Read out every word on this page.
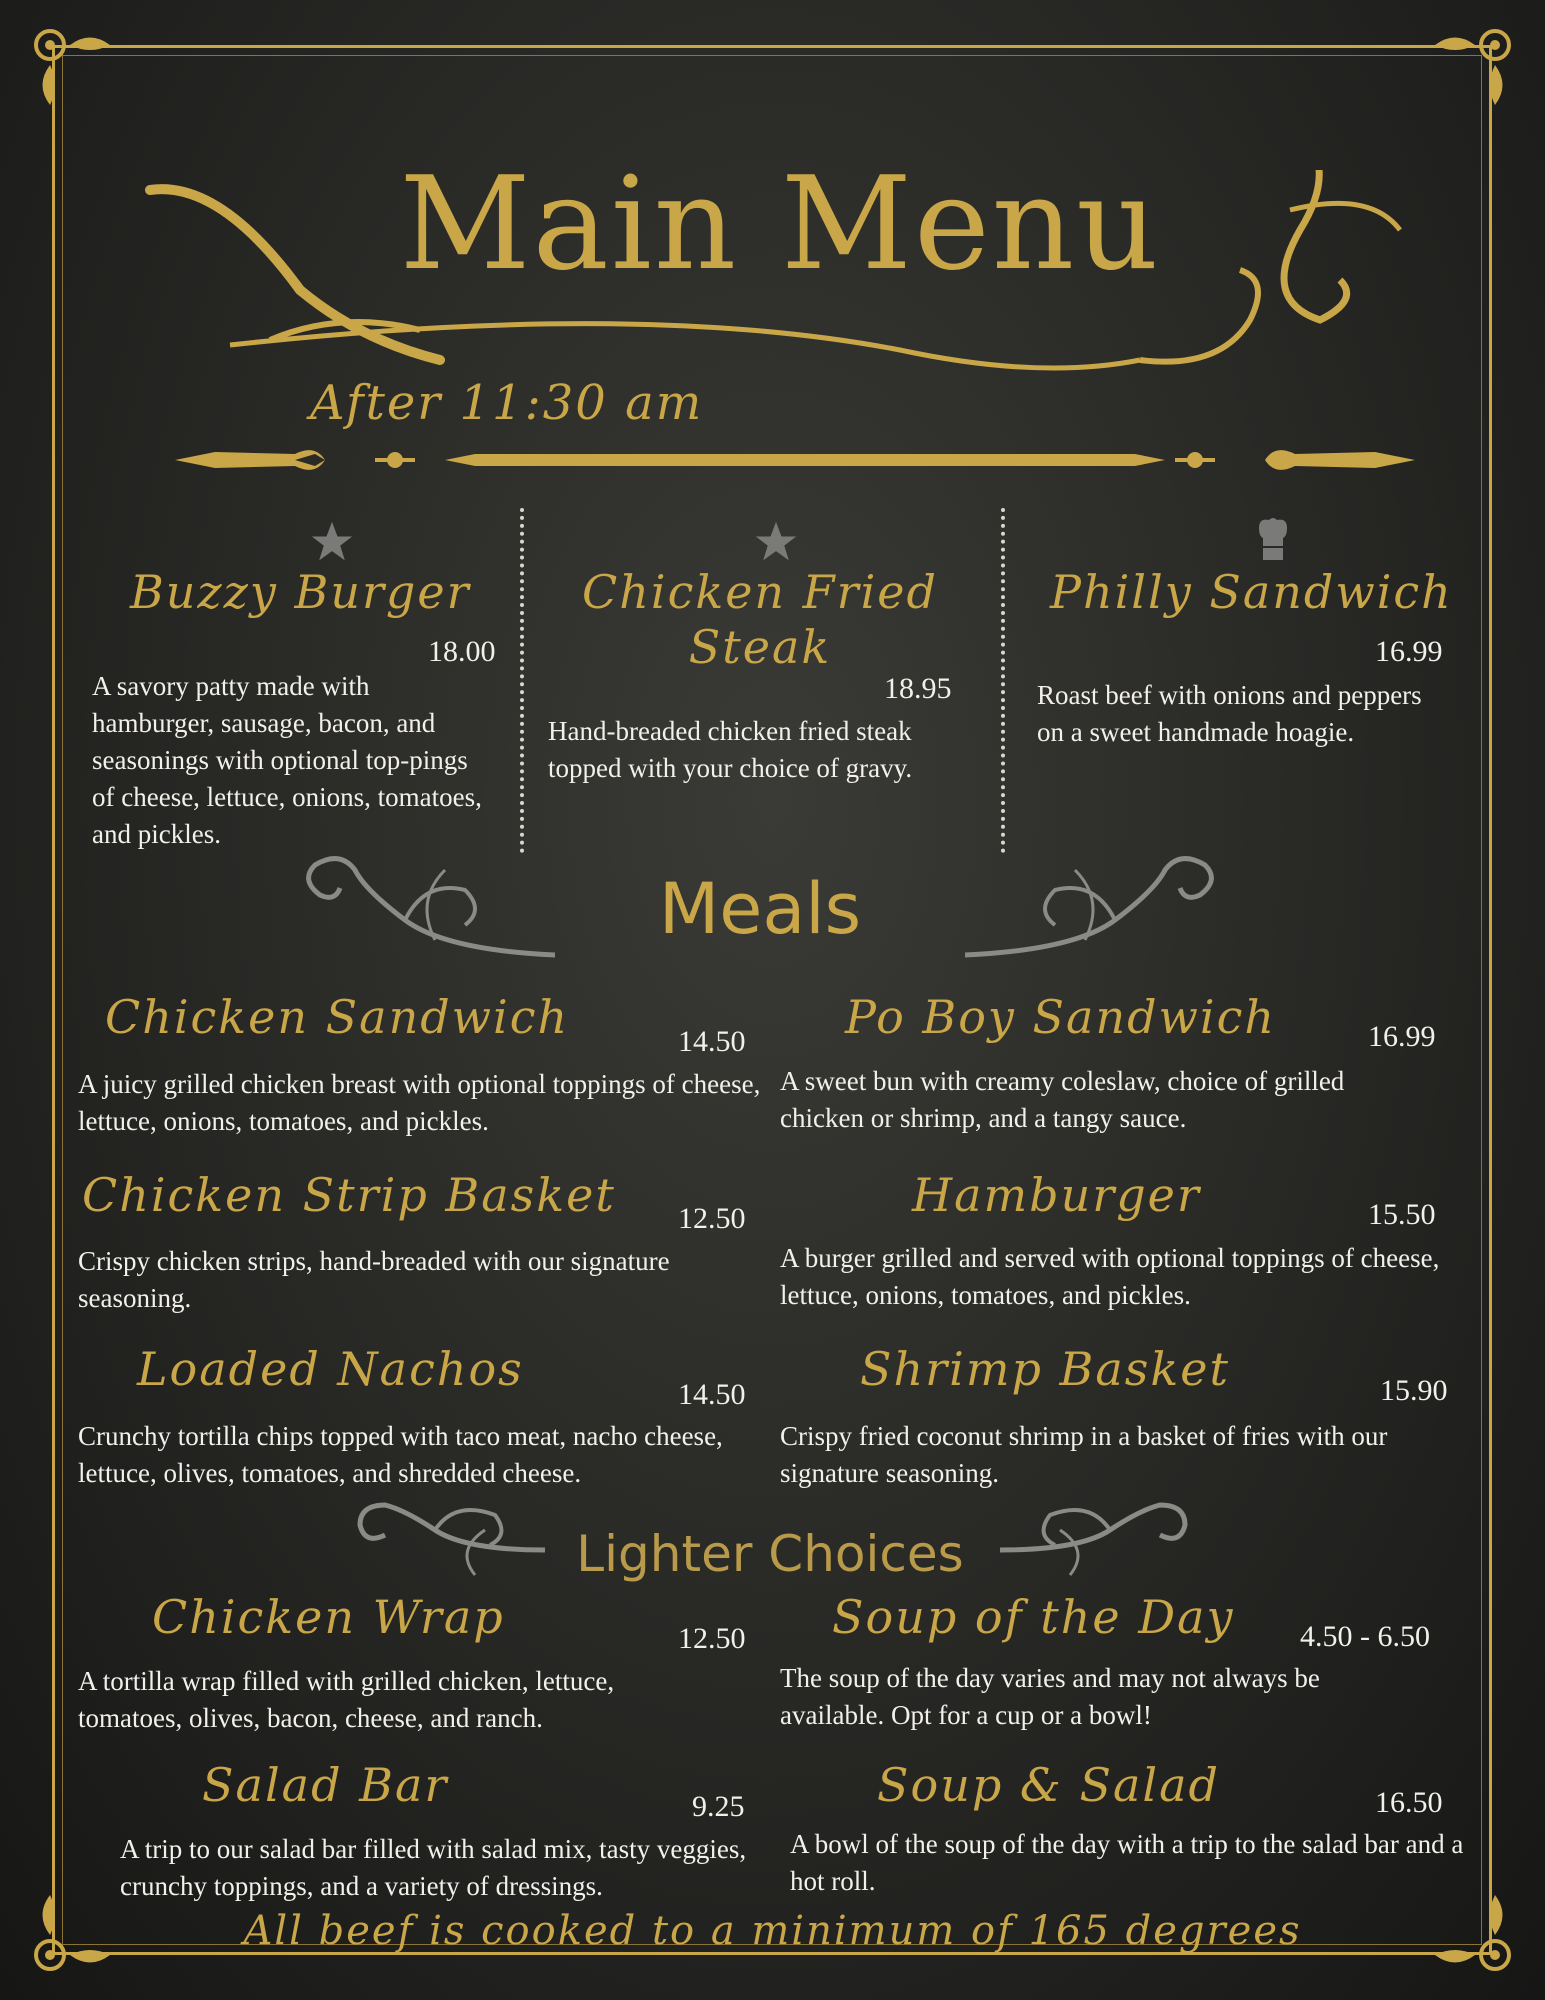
Main Menu
After 11:30 am
Buzzy Burger
18.00
A savory patty made with hamburger, sausage, bacon, and seasonings with optional top-pings of cheese, lettuce, onions, tomatoes, and pickles.
Chicken Fried
Steak
18.95
Hand-breaded chicken fried steak topped with your choice of gravy.
Philly Sandwich
16.99
Roast beef with onions and peppers on a sweet handmade hoagie.
Meals
Chicken Sandwich	14.50
A juicy grilled chicken breast with optional toppings of cheese, lettuce, onions, tomatoes, and pickles.
Po Boy Sandwich	16.99
A sweet bun with creamy coleslaw, choice of grilled chicken or shrimp, and a tangy sauce.
Chicken Strip Basket 12.50
Crispy chicken strips, hand-breaded with our signature seasoning.
Hamburger	15.50
A burger grilled and served with optional toppings of cheese, lettuce, onions, tomatoes, and pickles.
Loaded Nachos	14.50
Crunchy tortilla chips topped with taco meat, nacho cheese, lettuce, olives, tomatoes, and shredded cheese.
Shrimp Basket	15.90
Crispy fried coconut shrimp in a basket of fries with our signature seasoning.
Lighter Choices
Chicken Wrap	12.50
A tortilla wrap filled with grilled chicken, lettuce, tomatoes, olives, bacon, cheese, and ranch.
Soup of the Day 4.50 - 6.50
The soup of the day varies and may not always be available. Opt for a cup or a bowl!
Salad Bar	9.25
A trip to our salad bar filled with salad mix, tasty veggies, crunchy toppings, and a variety of dressings.
Soup & Salad	16.50
A bowl of the soup of the day with a trip to the salad bar and a hot roll.
All beef is cooked to a minimum of 165 degrees
